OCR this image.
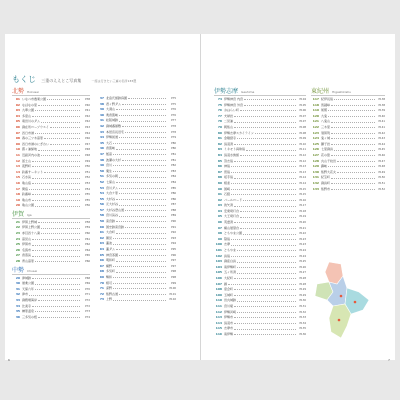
もくじ 三重のええとこ写真集	一度は行きたい三重の名所133選
北勢 Hokusei
01 いなべ市農業公園	P38
02 なばなの里	P40
03 九華公園	P41
04 多度山	P42
05 竜田川のダム	P42
06 御在所ロープウエイ	P43
07 四日市港	P44
08 春の三ツ木高原	P46
09 四日市港のにぎわい	P47
10 霞ヶ浦緑地	P48
11 近鉄河内の池	P48
12 冨士山	P49
13 菰野町	P50
14 鈴鹿サーキット	P51
15 石水渓	P52
16 亀山宿	P53
17 関宿	P54
18 鈴鹿峠	P55
19 亀山市	P55
20 亀山公園	P56
伊賀 Iga
21 伊賀上野城	P58
22 伊賀上野公園	P59
23 赤目四十八滝	P60
24 高見山	P61
25 伊賀市	P62
26 名張市	P64
27 香落渓	P65
28 青山高原	P66
中勢 Chusei
29 津城跡	P68
30 偕楽公園	P69
31 天保六年	P70
32 津市	P71
33 御殿場海岸	P72
34 比美寺	P72
35 榊原温泉	P73
36 三多気の桜	P74
37 北畠氏館跡庭園	P75
38 君ヶ野ダム	P75
39 大洞山	P76
40 奥香肌峡	P76
41 松阪城跡	P77
42 御城番屋敷	P78
43 本居宣長旧宅	P78
44 伊勢街道	P79
45 大石	P80
46 香肌峡	P80
47 飯高	P81
48 波瀬の大杉	P81
49 宮川	P82
50 粟生	P83
51 多気の朝	P84
52 七保山	P84
53 宮川ダム	P85
54 大台ケ原	P86
55 大杉谷	P86
56 元大杉谷	P87
57 大杉谷登山道	P88
58 宮川渓谷	P89
59 斎宮跡	P90
60 国史跡斎宮跡	P91
61 大台町	P92
62 粥見	P93
63 蓮池	P94
64 蓮ダム	P95
65 神宮茶園	P96
66 明和町	P97
67 横野	P97
68 多気町	P98
69 勢和	P98
70 相可	P99
71 深野	P100
72 熊野古道	P101
73 上野	P102
伊勢志摩 Iseshima
74 伊勢神宮 内宮	P104
75 伊勢神宮 外宮	P105
76 おはらい町	P106
77 夫婦岩	P107
78 二見浦	P107
79 朝熊山	P108
80 伊勢志摩スカイライン	P108
81 金剛證寺	P109
82 鳥羽湾	P110
83 ミキモト真珠島	P111
84 鳥羽水族館	P112
85 答志島	P112
86 神島	P113
87 菅島	P113
88 坂手島	P114
89 相差	P114
90 国崎	P115
91 石鏡	P115
92 パールロード	P116
93 的矢湾	P117
94 安乗埼灯台	P118
95 大王埼灯台	P119
96 英虞湾	P120
97 横山展望台	P121
98 ともやま公園	P122
99 賢島	P123
100 志摩	P123
101 ともやま	P124
102 浜島	P124
103 御座白浜	P125
104 南伊勢町	P126
105 五ヶ所湾	P127
106 大紀町	P128
107 錦	P128
108 度会町	P129
109 玉城町	P129
110 田丸城跡	P130
111 宮川堤	P131
112 伊勢河崎	P132
113 伊勢市	P133
114 鳥羽市	P134
115 志摩市	P135
116 南伊勢	P136
東紀州 Higashikishu
117 紀伊長島	P138
118 馬越峠	P138
119 尾鷲	P139
120 九鬼	P140
121 八鬼山	P141
122 三木里	P141
123 須賀利	P142
124 鬼ヶ城	P143
125 獅子岩	P144
126 七里御浜	P145
127 花の窟	P146
128 丸山千枚田	P147
129 瀞峡	P148
130 熊野大花火	P149
131 紀宝町	P150
132 御浜町	P151
133 熊野市	P152
6	7
